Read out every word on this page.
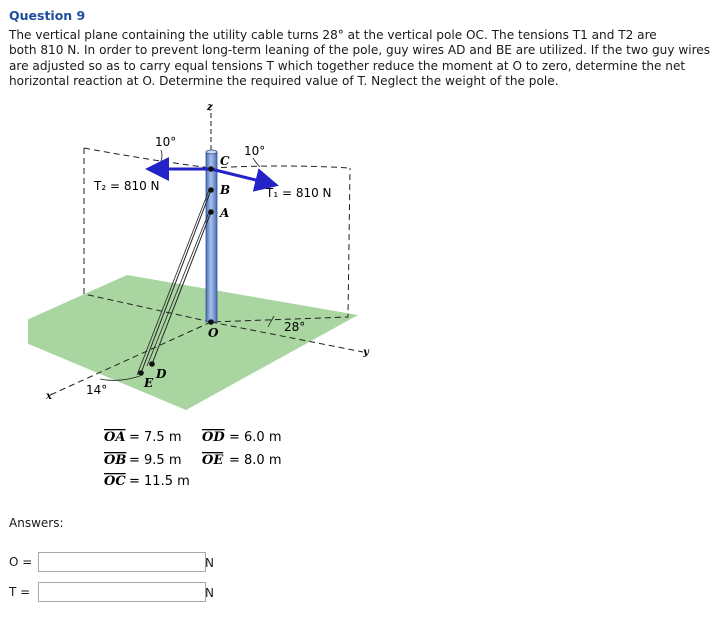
Question 9
The vertical plane containing the utility cable turns 28° at the vertical pole OC. The tensions T1 and T2 are
both 810 N. In order to prevent long-term leaning of the pole, guy wires AD and BE are utilized. If the two guy wires
are adjusted so as to carry equal tensions T which together reduce the moment at O to zero, determine the net
horizontal reaction at O. Determine the required value of T. Neglect the weight of the pole.
z
10°
10°
C
B
A
T₂ = 810 N	T₁ = 810 N
28°
O
y
D
E
14°
x
OA = 7.5 m OD = 6.0 m
OB = 9.5 m OE = 8.0 m
OC = 11.5 m
Answers:
O =	N
T =	N
